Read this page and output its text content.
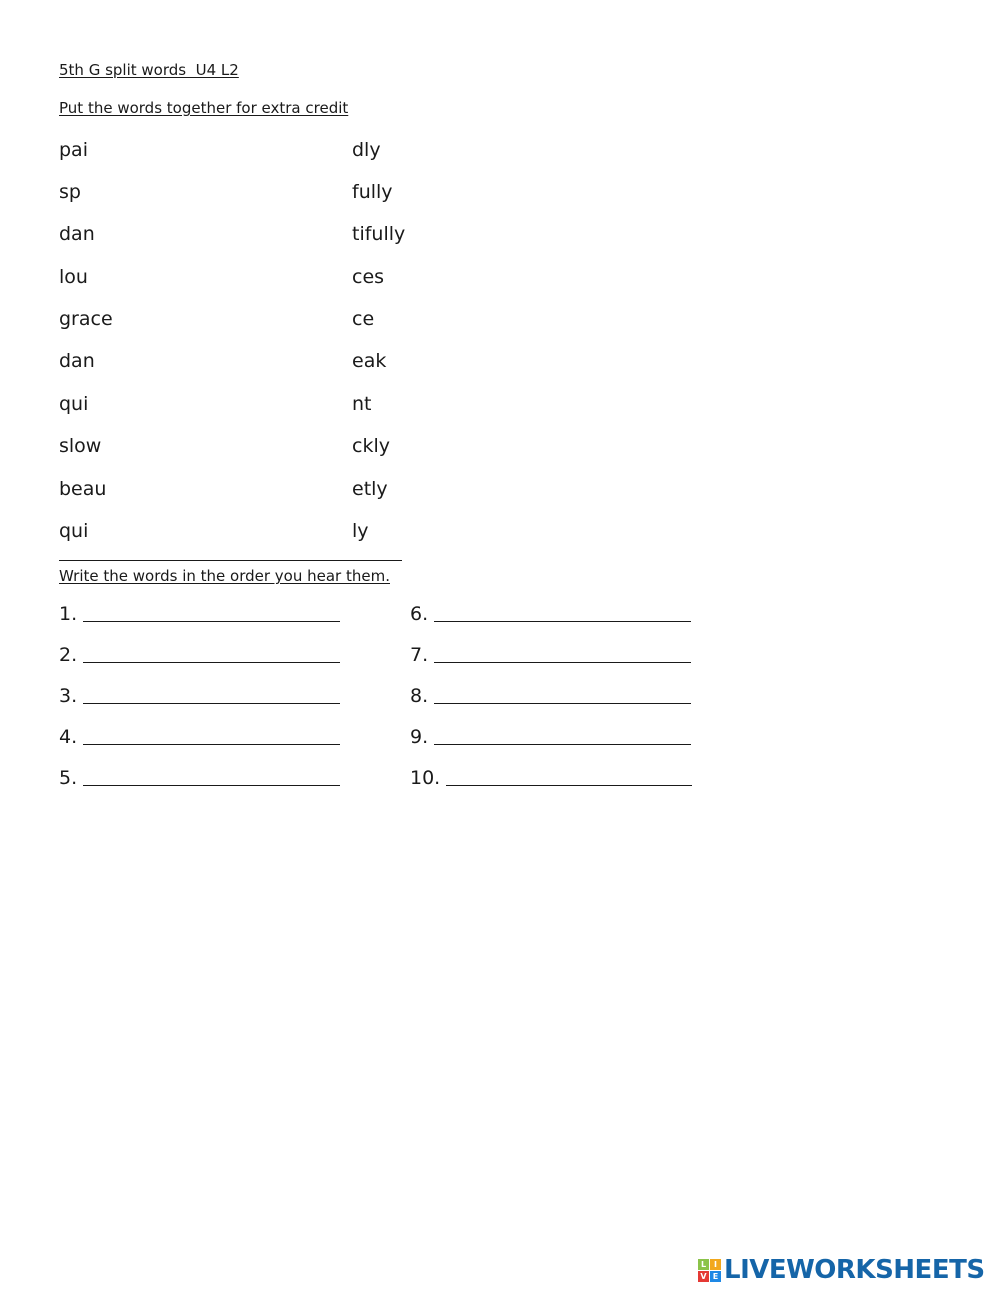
5th G split words  U4 L2
Put the words together for extra credit
pai
sp
dan
lou
grace
dan
qui
slow
beau
qui
dly
fully
tifully
ces
ce
eak
nt
ckly
etly
ly
Write the words in the order you hear them.
1.
2.
3.
4.
5.
6.
7.
8.
9.
10.
L I
V E LIVEWORKSHEETS
